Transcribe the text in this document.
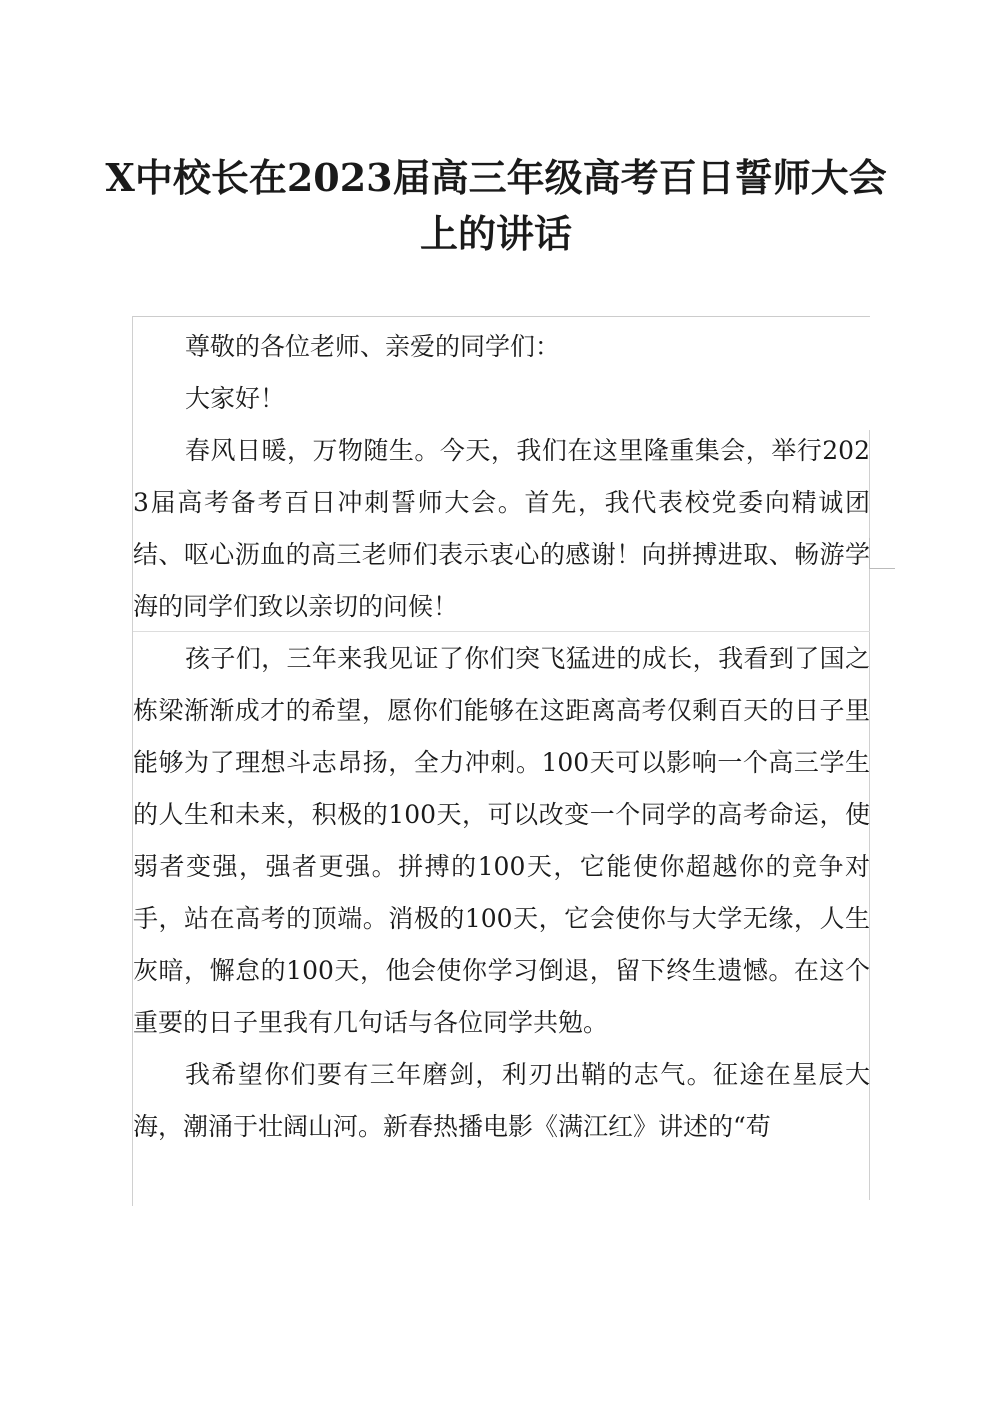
X中校长在2023届高三年级高考百日誓师大会上的讲话

尊敬的各位老师、亲爱的同学们：

大家好！

春风日暖，万物随生。今天，我们在这里隆重集会，举行2023届高考备考百日冲刺誓师大会。首先，我代表校党委向精诚团结、呕心沥血的高三老师们表示衷心的感谢！向拼搏进取、畅游学海的同学们致以亲切的问候！

孩子们，三年来我见证了你们突飞猛进的成长，我看到了国之栋梁渐渐成才的希望，愿你们能够在这距离高考仅剩百天的日子里能够为了理想斗志昂扬，全力冲刺。100天可以影响一个高三学生的人生和未来，积极的100天，可以改变一个同学的高考命运，使弱者变强，强者更强。拼搏的100天，它能使你超越你的竞争对手，站在高考的顶端。消极的100天，它会使你与大学无缘，人生灰暗，懈怠的100天，他会使你学习倒退，留下终生遗憾。在这个重要的日子里我有几句话与各位同学共勉。

我希望你们要有三年磨剑，利刃出鞘的志气。征途在星辰大海，潮涌于壮阔山河。新春热播电影《满江红》讲述的“苟
